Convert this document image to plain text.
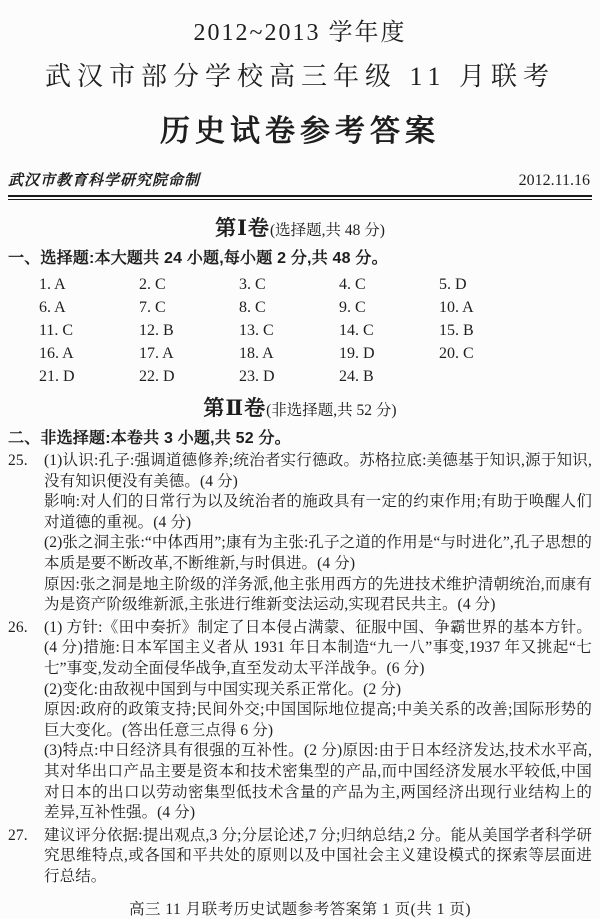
2012~2013 学年度
武汉市部分学校高三年级 11 月联考
历史试卷参考答案
武汉市教育科学研究院命制	2012.11.16
第Ⅰ卷(选择题,共 48 分)
一、选择题:本大题共 24 小题,每小题 2 分,共 48 分。
1. A	2. C	3. C	4. C	5. D
6. A	7. C	8. C	9. C	10. A
11. C	12. B	13. C	14. C	15. B
16. A	17. A	18. A	19. D	20. C
21. D	22. D	23. D	24. B
第Ⅱ卷(非选择题,共 52 分)
二、非选择题:本卷共 3 小题,共 52 分。

25. (1)认识:孔子:强调道德修养;统治者实行德政。苏格拉底:美德基于知识,源于知识,没有知识便没有美德。(4 分)

影响:对人们的日常行为以及统治者的施政具有一定的约束作用;有助于唤醒人们对道德的重视。(4 分)

(2)张之洞主张:“中体西用”;康有为主张:孔子之道的作用是“与时进化”,孔子思想的本质是要不断改革,不断维新,与时俱进。(4 分)

原因:张之洞是地主阶级的洋务派,他主张用西方的先进技术维护清朝统治,而康有为是资产阶级维新派,主张进行维新变法运动,实现君民共主。(4 分)

26. (1) 方针:《田中奏折》制定了日本侵占满蒙、征服中国、争霸世界的基本方针。(4 分)措施:日本军国主义者从 1931 年日本制造“九一八”事变,1937 年又挑起“七七”事变,发动全面侵华战争,直至发动太平洋战争。(6 分)

(2)变化:由敌视中国到与中国实现关系正常化。(2 分)

原因:政府的政策支持;民间外交;中国国际地位提高;中美关系的改善;国际形势的巨大变化。(答出任意三点得 6 分)

(3)特点:中日经济具有很强的互补性。(2 分)原因:由于日本经济发达,技术水平高,其对华出口产品主要是资本和技术密集型的产品,而中国经济发展水平较低,中国对日本的出口以劳动密集型低技术含量的产品为主,两国经济出现行业结构上的差异,互补性强。(4 分)

27. 建议评分依据:提出观点,3 分;分层论述,7 分;归纳总结,2 分。能从美国学者科学研究思维特点,或各国和平共处的原则以及中国社会主义建设模式的探索等层面进行总结。

高三 11 月联考历史试题参考答案第 1 页(共 1 页)
